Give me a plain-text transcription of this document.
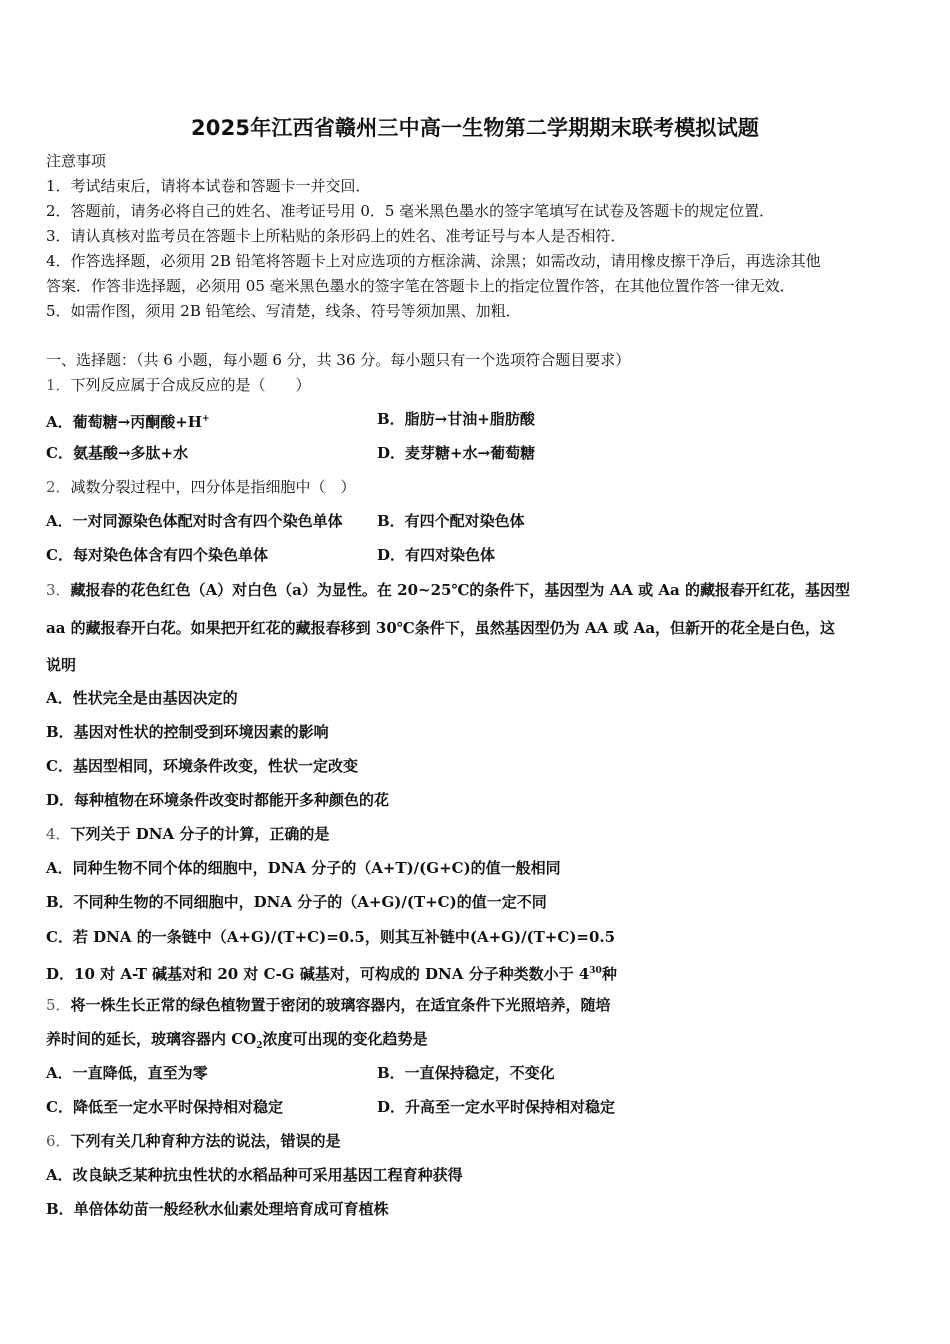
2025年江西省赣州三中高一生物第二学期期末联考模拟试题
注意事项
1．考试结束后，请将本试卷和答题卡一并交回．
2．答题前，请务必将自己的姓名、准考证号用 0．5 毫米黑色墨水的签字笔填写在试卷及答题卡的规定位置．
3．请认真核对监考员在答题卡上所粘贴的条形码上的姓名、准考证号与本人是否相符．
4．作答选择题，必须用 2B 铅笔将答题卡上对应选项的方框涂满、涂黑；如需改动，请用橡皮擦干净后，再选涂其他
答案．作答非选择题，必须用 05 毫米黑色墨水的签字笔在答题卡上的指定位置作答，在其他位置作答一律无效．
5．如需作图，须用 2B 铅笔绘、写清楚，线条、符号等须加黑、加粗．
一、选择题：（共 6 小题，每小题 6 分，共 36 分。每小题只有一个选项符合题目要求）
1．下列反应属于合成反应的是（　　）
A．葡萄糖→丙酮酸+H+	B．脂肪→甘油+脂肪酸
C．氨基酸→多肽+水	D．麦芽糖+水→葡萄糖
2．减数分裂过程中，四分体是指细胞中（　）
A．一对同源染色体配对时含有四个染色单体 B．有四个配对染色体
C．每对染色体含有四个染色单体	D．有四对染色体
3．藏报春的花色红色（A）对白色（a）为显性。在 20~25℃的条件下，基因型为 AA 或 Aa 的藏报春开红花，基因型
aa 的藏报春开白花。如果把开红花的藏报春移到 30℃条件下，虽然基因型仍为 AA 或 Aa，但新开的花全是白色，这
说明
A．性状完全是由基因决定的
B．基因对性状的控制受到环境因素的影响
C．基因型相同，环境条件改变，性状一定改变
D．每种植物在环境条件改变时都能开多种颜色的花
4．下列关于 DNA 分子的计算，正确的是
A．同种生物不同个体的细胞中，DNA 分子的（A+T)/(G+C)的值一般相同
B．不同种生物的不同细胞中，DNA 分子的（A+G)/(T+C)的值一定不同
C．若 DNA 的一条链中（A+G)/(T+C)=0.5，则其互补链中(A+G)/(T+C)=0.5
D．10 对 A-T 碱基对和 20 对 C-G 碱基对，可构成的 DNA 分子种类数小于 $4^{30}$种
5．将一株生长正常的绿色植物置于密闭的玻璃容器内，在适宜条件下光照培养，随培
养时间的延长，玻璃容器内 $CO_2$浓度可出现的变化趋势是
A．一直降低，直至为零	B．一直保持稳定，不变化
C．降低至一定水平时保持相对稳定	D．升高至一定水平时保持相对稳定
6．下列有关几种育种方法的说法，错误的是
A．改良缺乏某种抗虫性状的水稻品种可采用基因工程育种获得
B．单倍体幼苗一般经秋水仙素处理培育成可育植株
